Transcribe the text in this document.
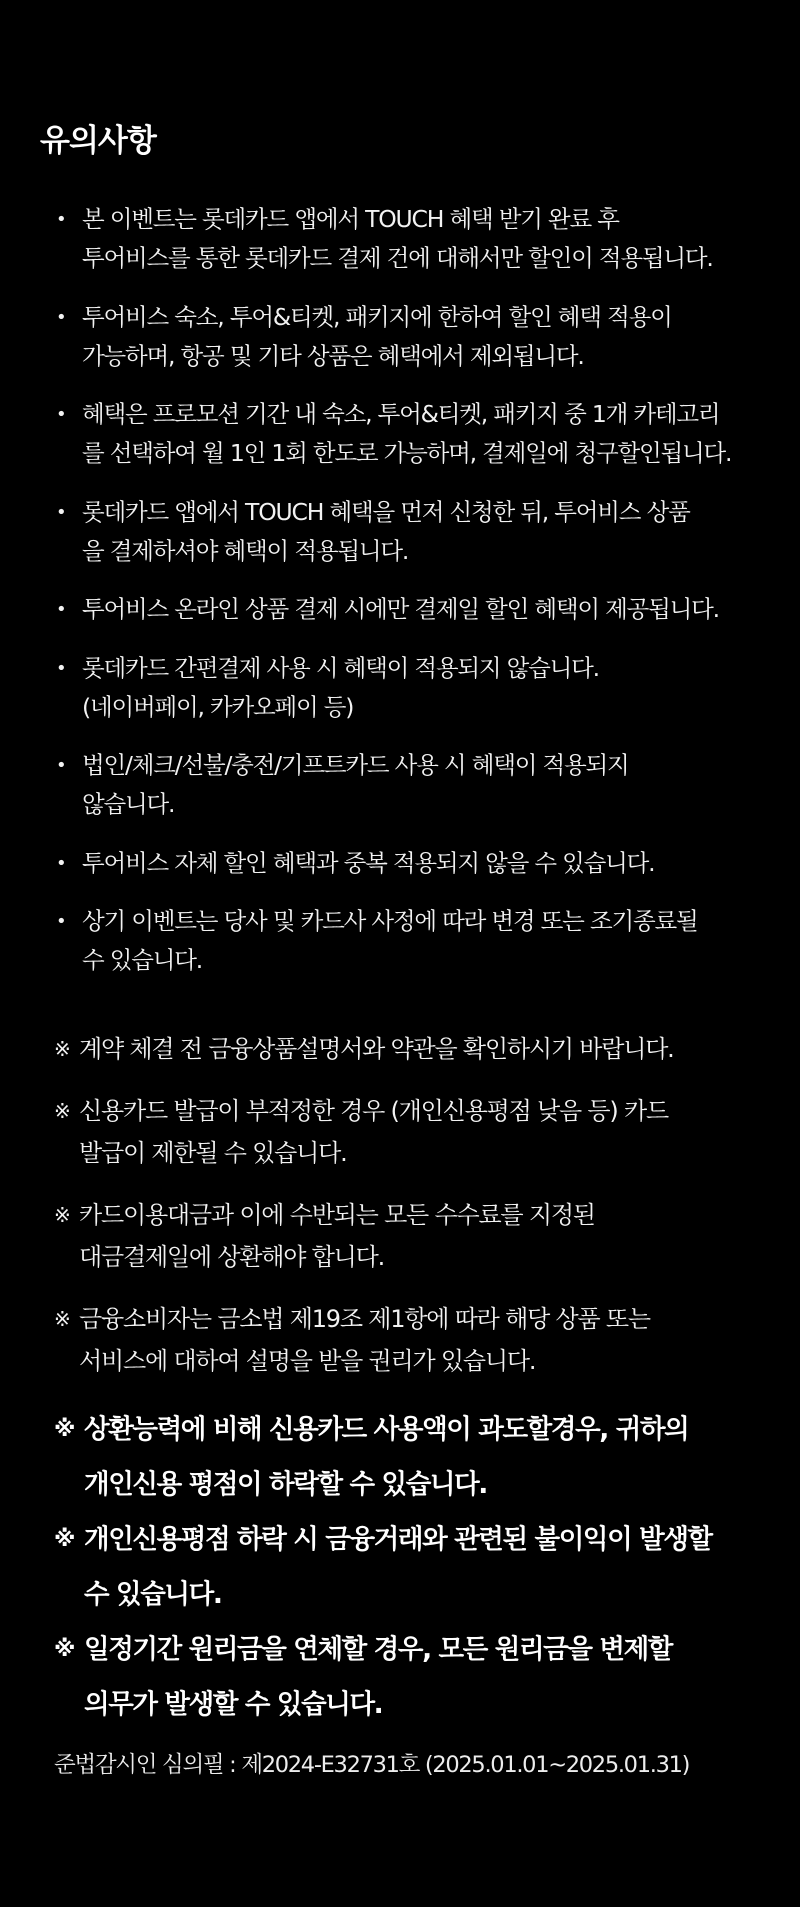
유의사항
• 본 이벤트는 롯데카드 앱에서 TOUCH 혜택 받기 완료 후
투어비스를 통한 롯데카드 결제 건에 대해서만 할인이 적용됩니다.
• 투어비스 숙소, 투어&티켓, 패키지에 한하여 할인 혜택 적용이
가능하며, 항공 및 기타 상품은 혜택에서 제외됩니다.
• 혜택은 프로모션 기간 내 숙소, 투어&티켓, 패키지 중 1개 카테고리
를 선택하여 월 1인 1회 한도로 가능하며, 결제일에 청구할인됩니다.
• 롯데카드 앱에서 TOUCH 혜택을 먼저 신청한 뒤, 투어비스 상품
을 결제하셔야 혜택이 적용됩니다.
• 투어비스 온라인 상품 결제 시에만 결제일 할인 혜택이 제공됩니다.
• 롯데카드 간편결제 사용 시 혜택이 적용되지 않습니다.
(네이버페이, 카카오페이 등)
• 법인/체크/선불/충전/기프트카드 사용 시 혜택이 적용되지
않습니다.
• 투어비스 자체 할인 혜택과 중복 적용되지 않을 수 있습니다.
• 상기 이벤트는 당사 및 카드사 사정에 따라 변경 또는 조기종료될
수 있습니다.
※ 계약 체결 전 금융상품설명서와 약관을 확인하시기 바랍니다.
※ 신용카드 발급이 부적정한 경우 (개인신용평점 낮음 등) 카드
발급이 제한될 수 있습니다.
※ 카드이용대금과 이에 수반되는 모든 수수료를 지정된
대금결제일에 상환해야 합니다.
※ 금융소비자는 금소법 제19조 제1항에 따라 해당 상품 또는
서비스에 대하여 설명을 받을 권리가 있습니다.
※ 상환능력에 비해 신용카드 사용액이 과도할경우, 귀하의
개인신용 평점이 하락할 수 있습니다.
※ 개인신용평점 하락 시 금융거래와 관련된 불이익이 발생할
수 있습니다.
※ 일정기간 원리금을 연체할 경우, 모든 원리금을 변제할
의무가 발생할 수 있습니다.

준법감시인 심의필 : 제2024-E32731호 (2025.01.01~2025.01.31)
